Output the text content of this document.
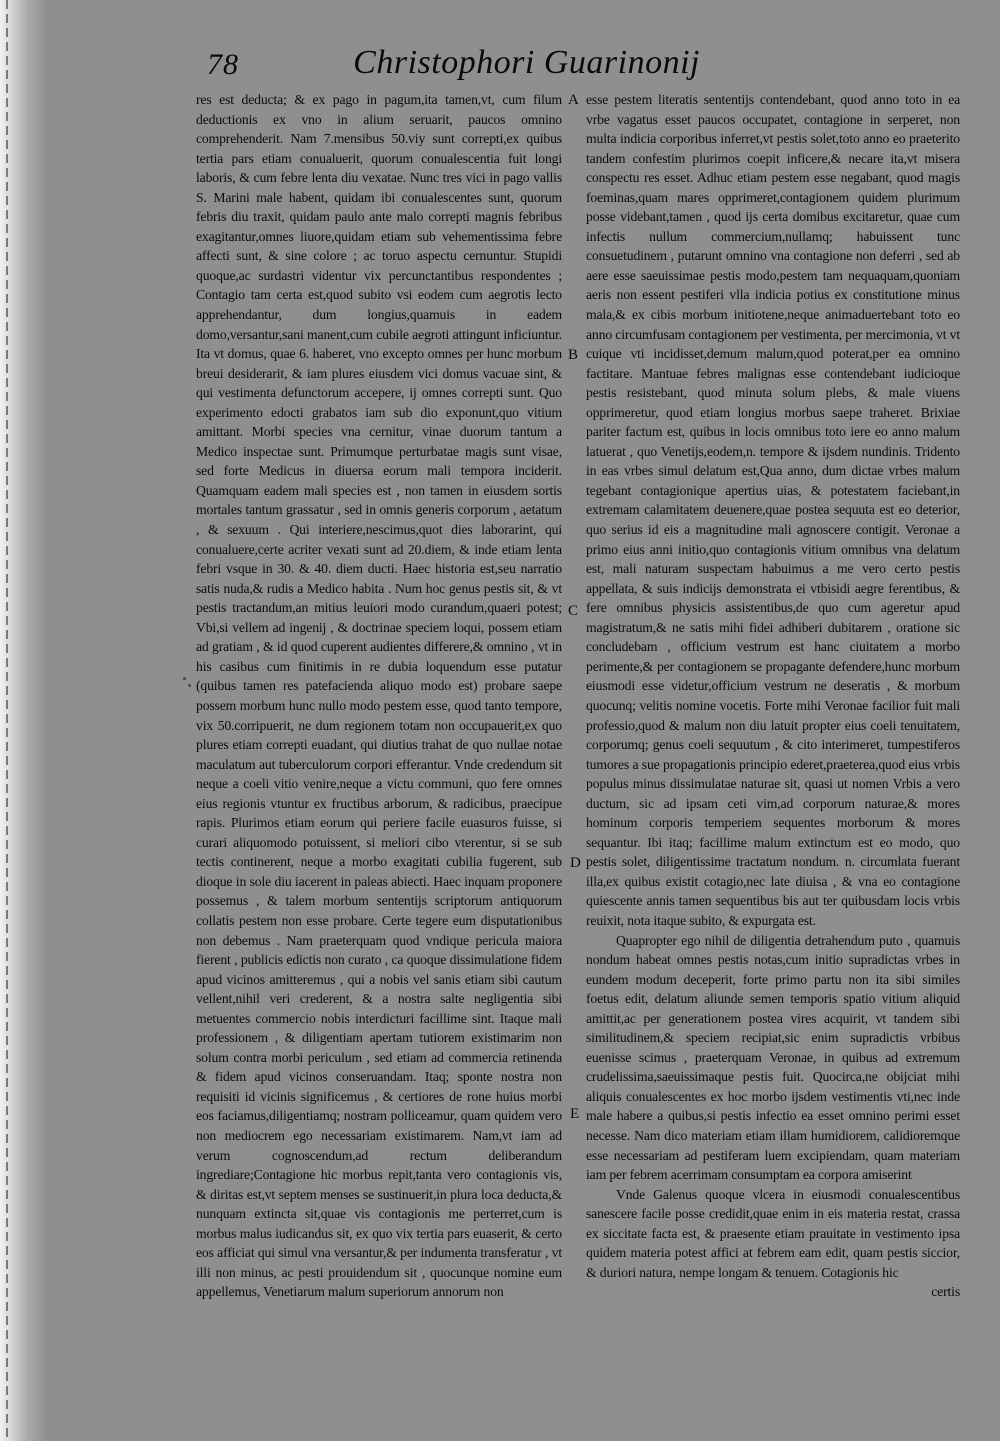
78	Christophori Guarinonij

res est deducta; & ex pago in pagum,ita tamen,vt, cum filum deductionis ex vno in alium seruarit, paucos omnino comprehenderit. Nam 7.mensibus 50.viy sunt correpti,ex quibus tertia pars etiam conualuerit, quorum conualescentia fuit longi laboris, & cum febre lenta diu vexatae. Nunc tres vici in pago vallis S. Marini male habent, quidam ibi conualescentes sunt, quorum febris diu traxit, quidam paulo ante malo correpti magnis febribus exagitantur,omnes liuore,quidam etiam sub vehementissima febre affecti sunt, & sine colore ; ac toruo aspectu cernuntur. Stupidi quoque,ac surdastri videntur vix percunctantibus respondentes ; Contagio tam certa est,quod subito vsi eodem cum aegrotis lecto apprehendantur, dum longius,quamuis in eadem domo,versantur,sani manent,cum cubile aegroti attingunt inficiuntur. Ita vt domus, quae 6. haberet, vno excepto omnes per hunc morbum breui desiderarit, & iam plures eiusdem vici domus vacuae sint, & qui vestimenta defunctorum accepere, ij omnes correpti sunt. Quo experimento edocti grabatos iam sub dio exponunt,quo vitium amittant. Morbi species vna cernitur, vinae duorum tantum a Medico inspectae sunt. Primumque perturbatae magis sunt visae, sed forte Medicus in diuersa eorum mali tempora inciderit. Quamquam eadem mali species est , non tamen in eiusdem sortis mortales tantum grassatur , sed in omnis generis corporum , aetatum , & sexuum . Qui interiere,nescimus,quot dies laborarint, qui conualuere,certe acriter vexati sunt ad 20.diem, & inde etiam lenta febri vsque in 30. & 40. diem ducti. Haec historia est,seu narratio satis nuda,& rudis a Medico habita . Num hoc genus pestis sit, & vt pestis tractandum,an mitius leuiori modo curandum,quaeri potest; Vbi,si vellem ad ingenij , & doctrinae speciem loqui, possem etiam ad gratiam , & id quod cuperent audientes differere,& omnino , vt in his casibus cum finitimis in re dubia loquendum esse putatur (quibus tamen res patefacienda aliquo modo est) probare saepe possem morbum hunc nullo modo pestem esse, quod tanto tempore, vix 50.corripuerit, ne dum regionem totam non occupauerit,ex quo plures etiam correpti euadant, qui diutius trahat de quo nullae notae maculatum aut tuberculorum corpori efferantur. Vnde credendum sit neque a coeli vitio venire,neque a victu communi, quo fere omnes eius regionis vtuntur ex fructibus arborum, & radicibus, praecipue rapis. Plurimos etiam eorum qui periere facile euasuros fuisse, si curari aliquomodo potuissent, si meliori cibo vterentur, si se sub tectis continerent, neque a morbo exagitati cubilia fugerent, sub dioque in sole diu iacerent in paleas abiecti. Haec inquam proponere possemus , & talem morbum sententijs scriptorum antiquorum collatis pestem non esse probare. Certe tegere eum disputationibus non debemus . Nam praeterquam quod vndique pericula maiora fierent , publicis edictis non curato , ca quoque dissimulatione fidem apud vicinos amitteremus , qui a nobis vel sanis etiam sibi cautum vellent,nihil veri crederent, & a nostra salte negligentia sibi metuentes commercio nobis interdicturi facillime sint. Itaque mali professionem , & diligentiam apertam tutiorem existimarim non solum contra morbi periculum , sed etiam ad commercia retinenda & fidem apud vicinos conseruandam. Itaq; sponte nostra non requisiti id vicinis significemus , & certiores de rone huius morbi eos faciamus,diligentiamq; nostram polliceamur, quam quidem vero non mediocrem ego necessariam existimarem. Nam,vt iam ad verum cognoscendum,ad rectum deliberandum ingrediare;Contagione hic morbus repit,tanta vero contagionis vis, & diritas est,vt septem menses se sustinuerit,in plura loca deducta,& nunquam extincta sit,quae vis contagionis me perterret,cum is morbus malus iudicandus sit, ex quo vix tertia pars euaserit, & certo eos afficiat qui simul vna versantur,& per indumenta transferatur , vt illi non minus, ac pesti prouidendum sit , quocunque nomine eum appellemus, Venetiarum malum superiorum annorum non

A
B
C
D
E

esse pestem literatis sententijs contendebant, quod anno toto in ea vrbe vagatus esset paucos occupatet, contagione in serperet, non multa indicia corporibus inferret,vt pestis solet,toto anno eo praeterito tandem confestim plurimos coepit inficere,& necare ita,vt misera conspectu res esset. Adhuc etiam pestem esse negabant, quod magis foeminas,quam mares opprimeret,contagionem quidem plurimum posse videbant,tamen , quod ijs certa domibus excitaretur, quae cum infectis nullum commercium,nullamq; habuissent tunc consuetudinem , putarunt omnino vna contagione non deferri , sed ab aere esse saeuissimae pestis modo,pestem tam nequaquam,quoniam aeris non essent pestiferi vlla indicia potius ex constitutione minus mala,& ex cibis morbum initiotene,neque animaduertebant toto eo anno circumfusam contagionem per vestimenta, per mercimonia, vt vt cuique vti incidisset,demum malum,quod poterat,per ea omnino factitare. Mantuae febres malignas esse contendebant iudicioque pestis resistebant, quod minuta solum plebs, & male viuens opprimeretur, quod etiam longius morbus saepe traheret. Brixiae pariter factum est, quibus in locis omnibus toto iere eo anno malum latuerat , quo Venetijs,eodem,n. tempore & ijsdem nundinis. Tridento in eas vrbes simul delatum est,Qua anno, dum dictae vrbes malum tegebant contagionique apertius uias, & potestatem faciebant,in extremam calamitatem deuenere,quae postea sequuta est eo deterior, quo serius id eis a magnitudine mali agnoscere contigit. Veronae a primo eius anni initio,quo contagionis vitium omnibus vna delatum est, mali naturam suspectam habuimus a me vero certo pestis appellata, & suis indicijs demonstrata ei vtbisidi aegre ferentibus, & fere omnibus physicis assistentibus,de quo cum ageretur apud magistratum,& ne satis mihi fidei adhiberi dubitarem , oratione sic concludebam , officium vestrum est hanc ciuitatem a morbo perimente,& per contagionem se propagante defendere,hunc morbum eiusmodi esse videtur,officium vestrum ne deseratis , & morbum quocunq; velitis nomine vocetis. Forte mihi Veronae facilior fuit mali professio,quod & malum non diu latuit propter eius coeli tenuitatem, corporumq; genus coeli sequutum , & cito interimeret, tumpestiferos tumores a sue propagationis principio ederet,praeterea,quod eius vrbis populus minus dissimulatae naturae sit, quasi ut nomen Vrbis a vero ductum, sic ad ipsam ceti vim,ad corporum naturae,& mores hominum corporis temperiem sequentes morborum & mores sequantur. Ibi itaq; facillime malum extinctum est eo modo, quo pestis solet, diligentissime tractatum nondum. n. circumlata fuerant illa,ex quibus existit cotagio,nec late diuisa , & vna eo contagione quiescente annis tamen sequentibus bis aut ter quibusdam locis vrbis reuixit, nota itaque subito, & expurgata est.

Quapropter ego nihil de diligentia detrahendum puto , quamuis nondum habeat omnes pestis notas,cum initio supradictas vrbes in eundem modum deceperit, forte primo partu non ita sibi similes foetus edit, delatum aliunde semen temporis spatio vitium aliquid amittit,ac per generationem postea vires acquirit, vt tandem sibi similitudinem,& speciem recipiat,sic enim supradictis vrbibus euenisse scimus , praeterquam Veronae, in quibus ad extremum crudelissima,saeuissimaque pestis fuit. Quocirca,ne obijciat mihi aliquis conualescentes ex hoc morbo ijsdem vestimentis vti,nec inde male habere a quibus,si pestis infectio ea esset omnino perimi esset necesse. Nam dico materiam etiam illam humidiorem, calidioremque esse necessariam ad pestiferam luem excipiendam, quam materiam iam per febrem acerrimam consumptam ea corpora amiserint

Vnde Galenus quoque vlcera in eiusmodi conualescentibus sanescere facile posse credidit,quae enim in eis materia restat, crassa ex siccitate facta est, & praesente etiam prauitate in vestimento ipsa quidem materia potest affici at febrem eam edit, quam pestis siccior, & duriori natura, nempe longam & tenuem. Cotagionis hic

certis
